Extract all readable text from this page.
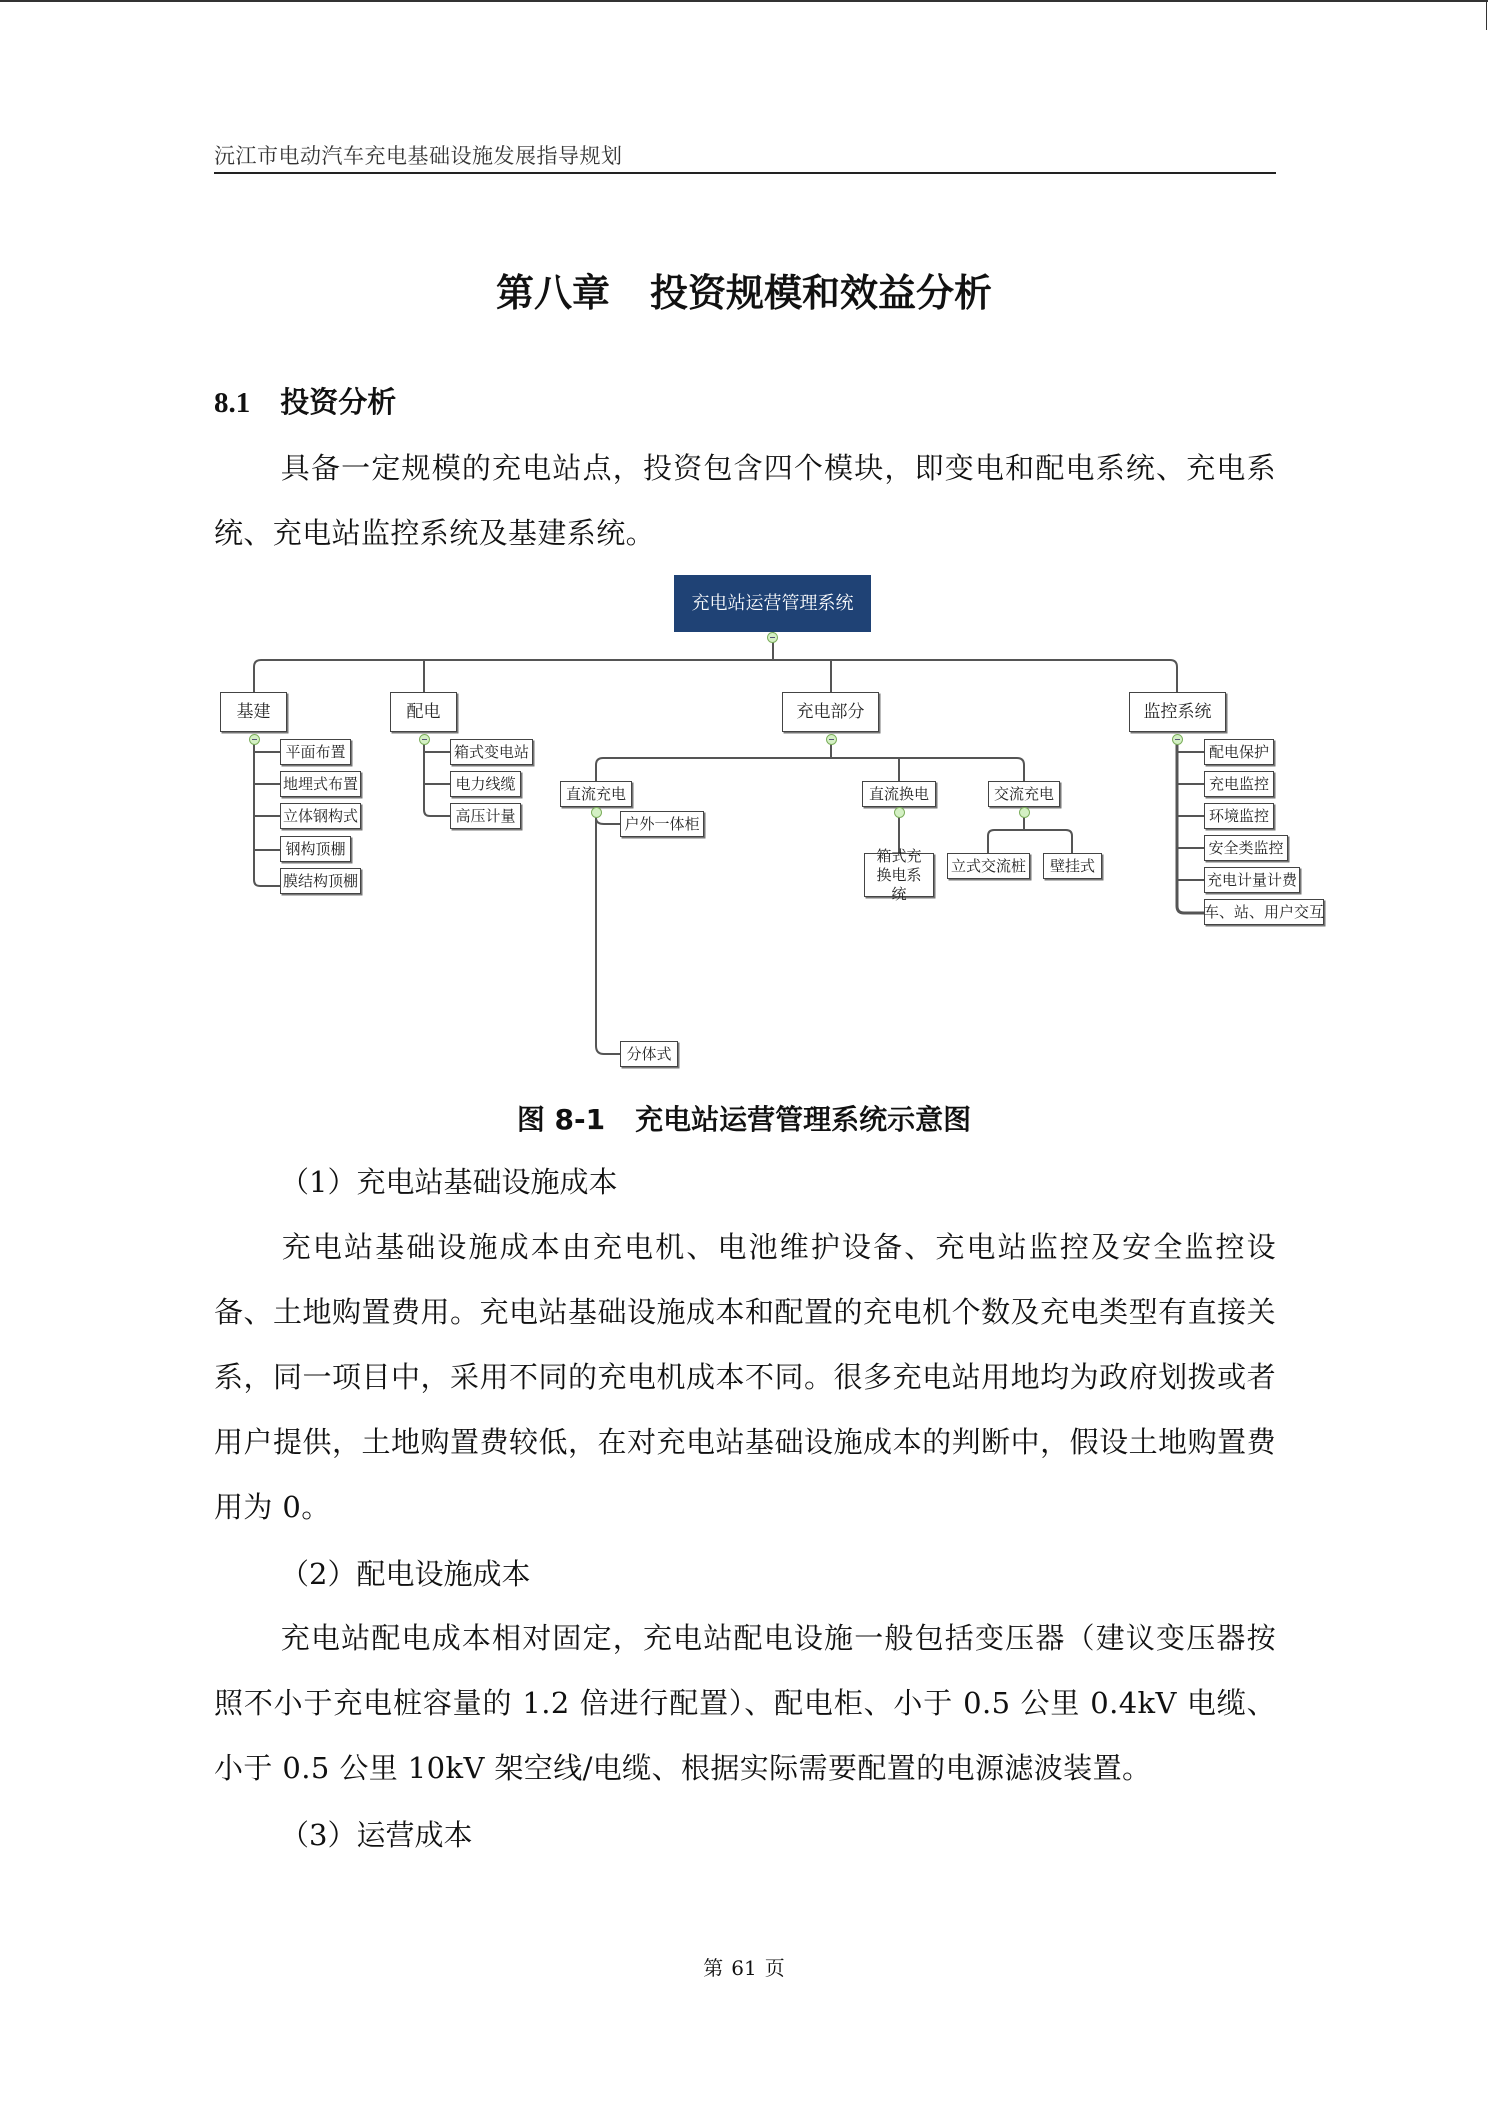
沅江市电动汽车充电基础设施发展指导规划
第八章 投资规模和效益分析
8.1 投资分析
具备一定规模的充电站点，投资包含四个模块，即变电和配电系统、充电系统、充电站监控系统及基建系统。
充电站运营管理系统
基建
平面布置
地埋式布置
立体钢构式
钢构顶棚
膜结构顶棚
配电
箱式变电站
电力线缆
高压计量
充电部分
直流充电
户外一体柜
分体式
直流换电
箱式充换电系统
交流充电
立式交流桩	壁挂式
监控系统
配电保护
充电监控
环境监控
安全类监控
充电计量计费
车、站、用户交互
图 8-1 充电站运营管理系统示意图
（1）充电站基础设施成本
充电站基础设施成本由充电机、电池维护设备、充电站监控及安全监控设备、土地购置费用。充电站基础设施成本和配置的充电机个数及充电类型有直接关系，同一项目中，采用不同的充电机成本不同。很多充电站用地均为政府划拨或者用户提供，土地购置费较低，在对充电站基础设施成本的判断中，假设土地购置费用为 0。
（2）配电设施成本
充电站配电成本相对固定，充电站配电设施一般包括变压器（建议变压器按照不小于充电桩容量的 1.2 倍进行配置）、配电柜、小于 0.5 公里 0.4kV 电缆、小于 0.5 公里 10kV 架空线/电缆、根据实际需要配置的电源滤波装置。
（3）运营成本
第 61 页
